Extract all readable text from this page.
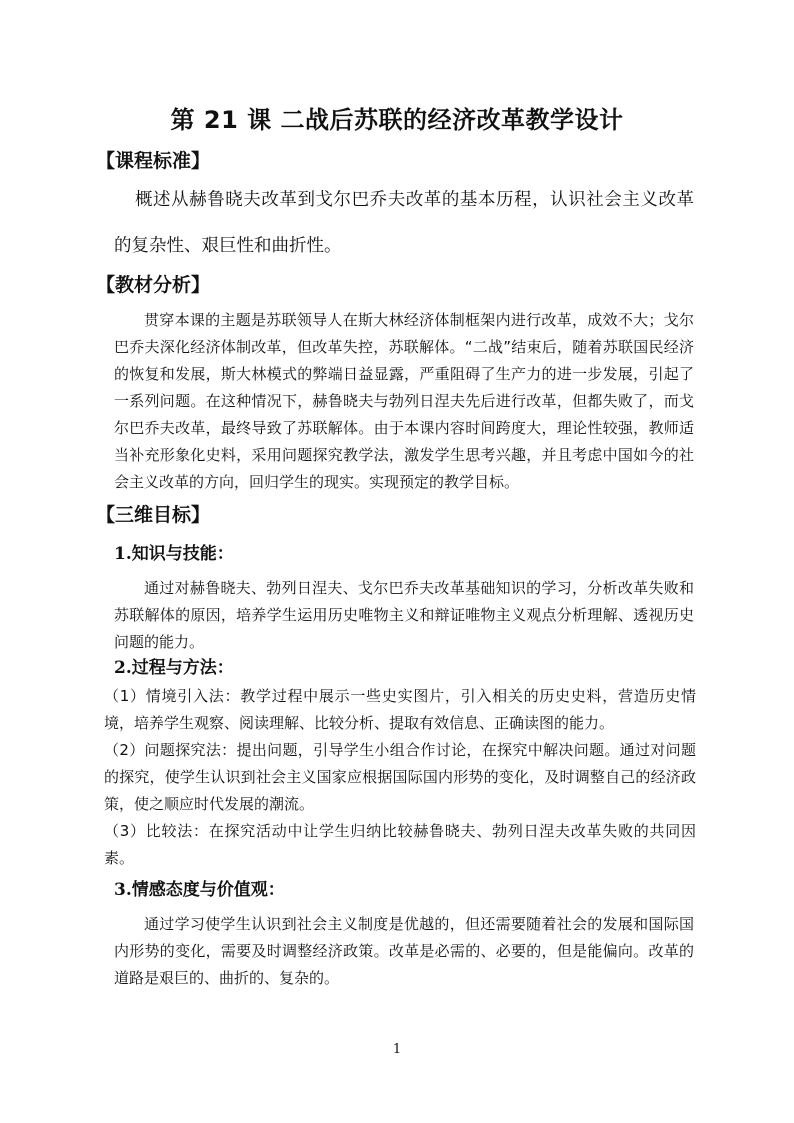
第 21 课 二战后苏联的经济改革教学设计
【课程标准】

概述从赫鲁晓夫改革到戈尔巴乔夫改革的基本历程，认识社会主义改革的复杂性、艰巨性和曲折性。

【教材分析】

贯穿本课的主题是苏联领导人在斯大林经济体制框架内进行改革，成效不大；戈尔巴乔夫深化经济体制改革，但改革失控，苏联解体。“二战”结束后，随着苏联国民经济的恢复和发展，斯大林模式的弊端日益显露，严重阻碍了生产力的进一步发展，引起了一系列问题。在这种情况下，赫鲁晓夫与勃列日涅夫先后进行改革，但都失败了，而戈尔巴乔夫改革，最终导致了苏联解体。由于本课内容时间跨度大，理论性较强，教师适当补充形象化史料，采用问题探究教学法，激发学生思考兴趣，并且考虑中国如今的社会主义改革的方向，回归学生的现实。实现预定的教学目标。

【三维目标】
1.知识与技能：

通过对赫鲁晓夫、勃列日涅夫、戈尔巴乔夫改革基础知识的学习，分析改革失败和苏联解体的原因，培养学生运用历史唯物主义和辩证唯物主义观点分析理解、透视历史问题的能力。

2.过程与方法：

（1）情境引入法：教学过程中展示一些史实图片，引入相关的历史史料，营造历史情境，培养学生观察、阅读理解、比较分析、提取有效信息、正确读图的能力。

（2）问题探究法：提出问题，引导学生小组合作讨论，在探究中解决问题。通过对问题的探究，使学生认识到社会主义国家应根据国际国内形势的变化，及时调整自己的经济政策，使之顺应时代发展的潮流。

（3）比较法：在探究活动中让学生归纳比较赫鲁晓夫、勃列日涅夫改革失败的共同因素。

3.情感态度与价值观：

通过学习使学生认识到社会主义制度是优越的，但还需要随着社会的发展和国际国内形势的变化，需要及时调整经济政策。改革是必需的、必要的，但是能偏向。改革的道路是艰巨的、曲折的、复杂的。

1
